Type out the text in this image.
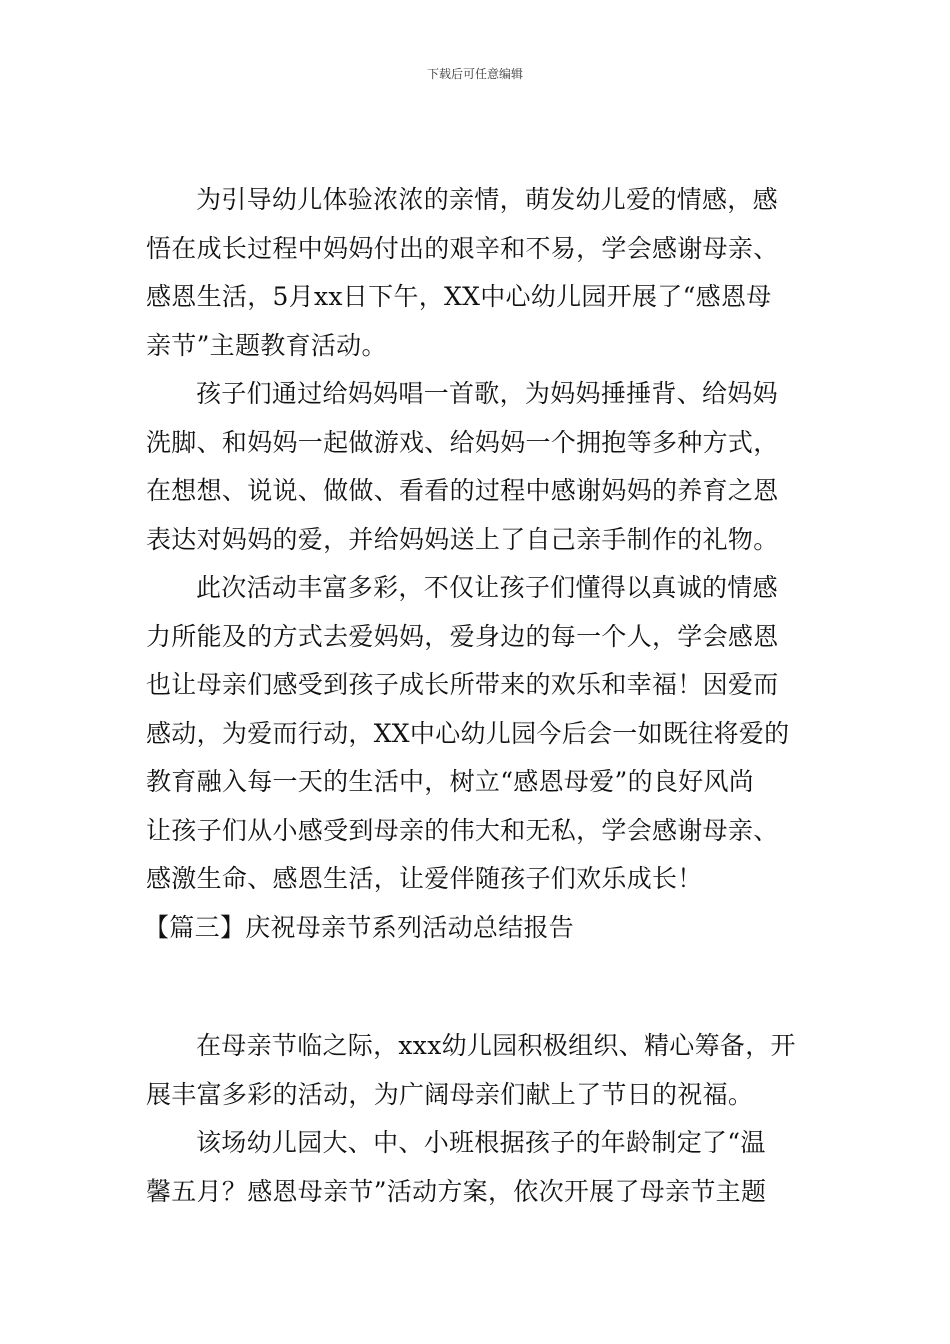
下载后可任意编辑
为引导幼儿体验浓浓的亲情，萌发幼儿爱的情感，感
悟在成长过程中妈妈付出的艰辛和不易，学会感谢母亲、
感恩生活，5月xx日下午，XX中心幼儿园开展了“感恩母
亲节”主题教育活动。
孩子们通过给妈妈唱一首歌，为妈妈捶捶背、给妈妈
洗脚、和妈妈一起做游戏、给妈妈一个拥抱等多种方式，
在想想、说说、做做、看看的过程中感谢妈妈的养育之恩
表达对妈妈的爱，并给妈妈送上了自己亲手制作的礼物。
此次活动丰富多彩，不仅让孩子们懂得以真诚的情感
力所能及的方式去爱妈妈，爱身边的每一个人，学会感恩
也让母亲们感受到孩子成长所带来的欢乐和幸福！因爱而
感动，为爱而行动，XX中心幼儿园今后会一如既往将爱的
教育融入每一天的生活中，树立“感恩母爱”的良好风尚
让孩子们从小感受到母亲的伟大和无私，学会感谢母亲、
感激生命、感恩生活，让爱伴随孩子们欢乐成长！
【篇三】庆祝母亲节系列活动总结报告
在母亲节临之际，xxx幼儿园积极组织、精心筹备，开
展丰富多彩的活动，为广阔母亲们献上了节日的祝福。
该场幼儿园大、中、小班根据孩子的年龄制定了“温
馨五月？感恩母亲节”活动方案，依次开展了母亲节主题
